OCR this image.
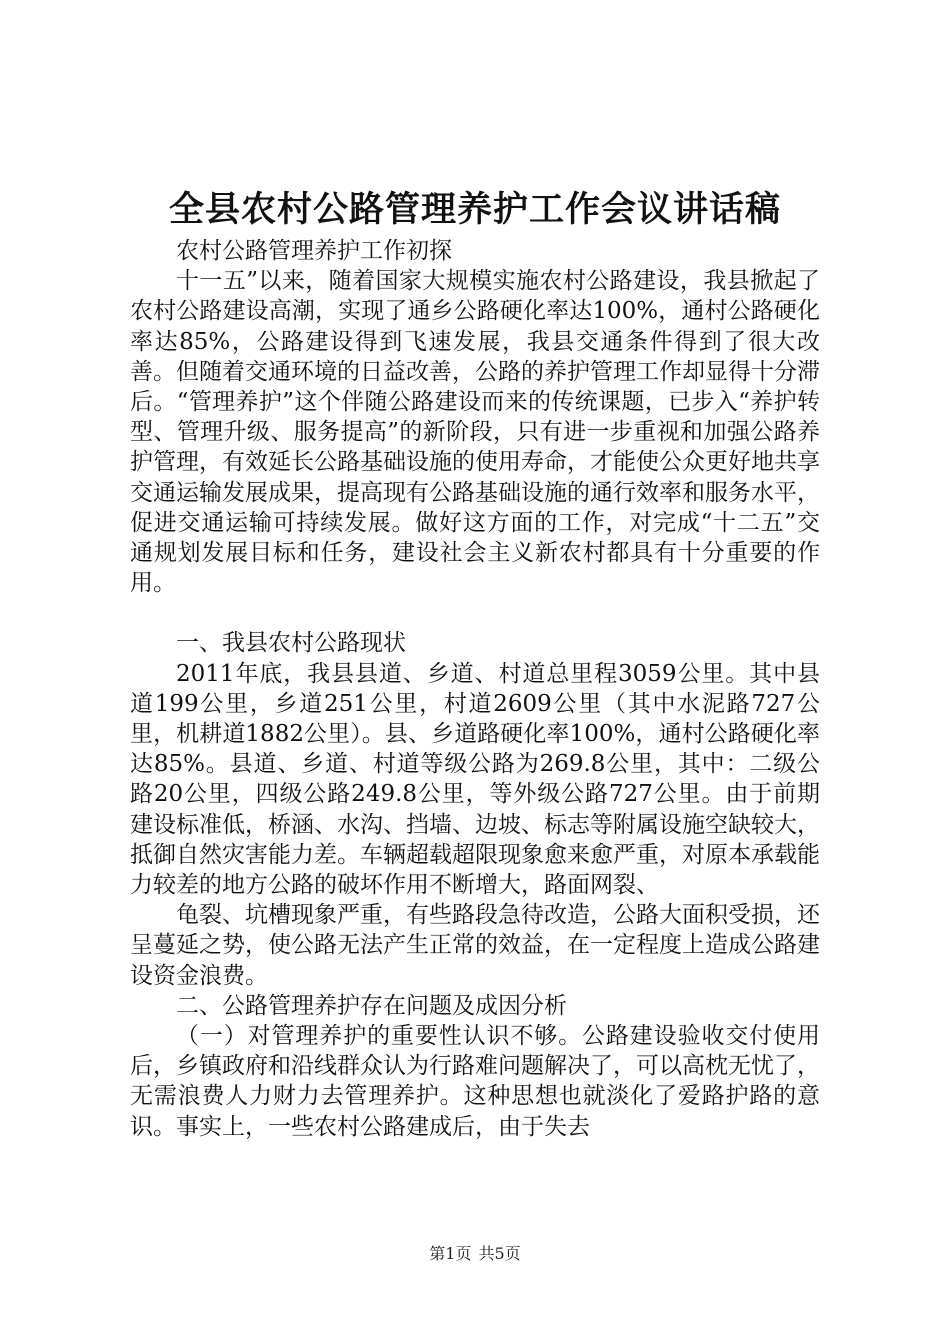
全县农村公路管理养护工作会议讲话稿

农村公路管理养护工作初探

十一五”以来，随着国家大规模实施农村公路建设，我县掀起了农村公路建设高潮，实现了通乡公路硬化率达100%，通村公路硬化率达85%，公路建设得到飞速发展，我县交通条件得到了很大改善。但随着交通环境的日益改善，公路的养护管理工作却显得十分滞后。“管理养护”这个伴随公路建设而来的传统课题，已步入“养护转型、管理升级、服务提高”的新阶段，只有进一步重视和加强公路养护管理，有效延长公路基础设施的使用寿命，才能使公众更好地共享交通运输发展成果，提高现有公路基础设施的通行效率和服务水平，促进交通运输可持续发展。做好这方面的工作，对完成“十二五”交通规划发展目标和任务，建设社会主义新农村都具有十分重要的作用。

一、我县农村公路现状

2011年底，我县县道、乡道、村道总里程3059公里。其中县道199公里，乡道251公里，村道2609公里（其中水泥路727公里，机耕道1882公里）。县、乡道路硬化率100%，通村公路硬化率达85%。县道、乡道、村道等级公路为269.8公里，其中：二级公路20公里，四级公路249.8公里，等外级公路727公里。由于前期建设标准低，桥涵、水沟、挡墙、边坡、标志等附属设施空缺较大，抵御自然灾害能力差。车辆超载超限现象愈来愈严重，对原本承载能力较差的地方公路的破坏作用不断增大，路面网裂、

龟裂、坑槽现象严重，有些路段急待改造，公路大面积受损，还呈蔓延之势，使公路无法产生正常的效益，在一定程度上造成公路建设资金浪费。

二、公路管理养护存在问题及成因分析

（一）对管理养护的重要性认识不够。公路建设验收交付使用后，乡镇政府和沿线群众认为行路难问题解决了，可以高枕无忧了，无需浪费人力财力去管理养护。这种思想也就淡化了爱路护路的意识。事实上，一些农村公路建成后，由于失去

第1页 共5页
